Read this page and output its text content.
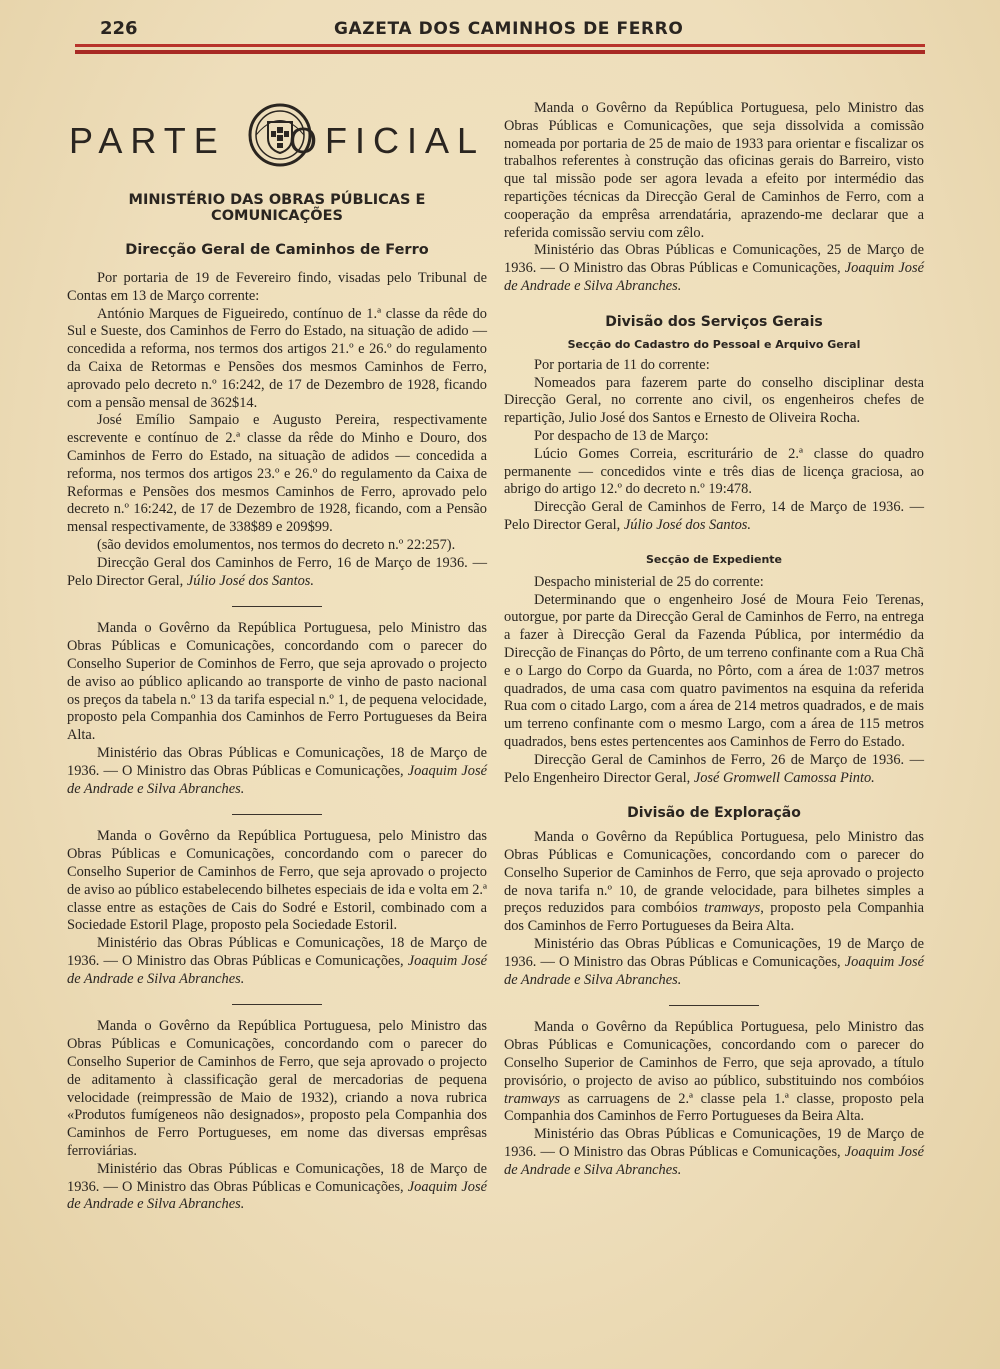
226	GAZETA DOS CAMINHOS DE FERRO
PARTE OFICIAL
MINISTÉRIO DAS OBRAS PÚBLICAS E COMUNICAÇÕES
Direcção Geral de Caminhos de Ferro

Por portaria de 19 de Fevereiro findo, visadas pelo Tribunal de Contas em 13 de Março corrente:

António Marques de Figueiredo, contínuo de 1.ª classe da rêde do Sul e Sueste, dos Caminhos de Ferro do Estado, na situação de adido — concedida a reforma, nos termos dos artigos 21.º e 26.º do regulamento da Caixa de Retormas e Pensões dos mesmos Caminhos de Ferro, aprovado pelo decreto n.º 16:242, de 17 de Dezembro de 1928, ficando com a pensão mensal de 362$14.

José Emílio Sampaio e Augusto Pereira, respectivamente escrevente e contínuo de 2.ª classe da rêde do Minho e Douro, dos Caminhos de Ferro do Estado, na situação de adidos — concedida a reforma, nos termos dos artigos 23.º e 26.º do regulamento da Caixa de Reformas e Pensões dos mesmos Caminhos de Ferro, aprovado pelo decreto n.º 16:242, de 17 de Dezembro de 1928, ficando, com a Pensão mensal respectivamente, de 338$89 e 209$99.

(são devidos emolumentos, nos termos do decreto n.º 22:257).

Direcção Geral dos Caminhos de Ferro, 16 de Março de 1936. — Pelo Director Geral, Júlio José dos Santos.

Manda o Govêrno da República Portuguesa, pelo Ministro das Obras Públicas e Comunicações, concordando com o parecer do Conselho Superior de Cominhos de Ferro, que seja aprovado o projecto de aviso ao público aplicando ao transporte de vinho de pasto nacional os preços da tabela n.º 13 da tarifa especial n.º 1, de pequena velocidade, proposto pela Companhia dos Caminhos de Ferro Portugueses da Beira Alta.

Ministério das Obras Públicas e Comunicações, 18 de Março de 1936. — O Ministro das Obras Públicas e Comunicações, Joaquim José de Andrade e Silva Abranches.

Manda o Govêrno da República Portuguesa, pelo Ministro das Obras Públicas e Comunicações, concordando com o parecer do Conselho Superior de Caminhos de Ferro, que seja aprovado o projecto de aviso ao público estabelecendo bilhetes especiais de ida e volta em 2.ª classe entre as estações de Cais do Sodré e Estoril, combinado com a Sociedade Estoril Plage, proposto pela Sociedade Estoril.

Ministério das Obras Públicas e Comunicações, 18 de Março de 1936. — O Ministro das Obras Públicas e Comunicações, Joaquim José de Andrade e Silva Abranches.

Manda o Govêrno da República Portuguesa, pelo Ministro das Obras Públicas e Comunicações, concordando com o parecer do Conselho Superior de Caminhos de Ferro, que seja aprovado o projecto de aditamento à classificação geral de mercadorias de pequena velocidade (reimpressão de Maio de 1932), criando a nova rubrica «Produtos fumígeneos não designados», proposto pela Companhia dos Caminhos de Ferro Portugueses, em nome das diversas emprêsas ferroviárias.

Ministério das Obras Públicas e Comunicações, 18 de Março de 1936. — O Ministro das Obras Públicas e Comunicações, Joaquim José de Andrade e Silva Abranches.

Manda o Govêrno da República Portuguesa, pelo Ministro das Obras Públicas e Comunicações, que seja dissolvida a comissão nomeada por portaria de 25 de maio de 1933 para orientar e fiscalizar os trabalhos referentes à construção das oficinas gerais do Barreiro, visto que tal missão pode ser agora levada a efeito por intermédio das repartições técnicas da Direcção Geral de Caminhos de Ferro, com a cooperação da emprêsa arrendatária, aprazendo-me declarar que a referida comissão serviu com zêlo.

Ministério das Obras Públicas e Comunicações, 25 de Março de 1936. — O Ministro das Obras Públicas e Comunicações, Joaquim José de Andrade e Silva Abranches.

Divisão dos Serviços Gerais
Secção do Cadastro do Pessoal e Arquivo Geral

Por portaria de 11 do corrente:

Nomeados para fazerem parte do conselho disciplinar desta Direcção Geral, no corrente ano civil, os engenheiros chefes de repartição, Julio José dos Santos e Ernesto de Oliveira Rocha.

Por despacho de 13 de Março:

Lúcio Gomes Correia, escriturário de 2.ª classe do quadro permanente — concedidos vinte e três dias de licença graciosa, ao abrigo do artigo 12.º do decreto n.º 19:478.

Direcção Geral de Caminhos de Ferro, 14 de Março de 1936. — Pelo Director Geral, Júlio José dos Santos.

Secção de Expediente

Despacho ministerial de 25 do corrente:

Determinando que o engenheiro José de Moura Feio Terenas, outorgue, por parte da Direcção Geral de Caminhos de Ferro, na entrega a fazer à Direcção Geral da Fazenda Pública, por intermédio da Direcção de Finanças do Pôrto, de um terreno confinante com a Rua Chã e o Largo do Corpo da Guarda, no Pôrto, com a área de 1:037 metros quadrados, de uma casa com quatro pavimentos na esquina da referida Rua com o citado Largo, com a área de 214 metros quadrados, e de mais um terreno confinante com o mesmo Largo, com a área de 115 metros quadrados, bens estes pertencentes aos Caminhos de Ferro do Estado.

Direcção Geral de Caminhos de Ferro, 26 de Março de 1936. — Pelo Engenheiro Director Geral, José Gromwell Camossa Pinto.

Divisão de Exploração

Manda o Govêrno da República Portuguesa, pelo Ministro das Obras Públicas e Comunicações, concordando com o parecer do Conselho Superior de Caminhos de Ferro, que seja aprovado o projecto de nova tarifa n.º 10, de grande velocidade, para bilhetes simples a preços reduzidos para combóios tramways, proposto pela Companhia dos Caminhos de Ferro Portugueses da Beira Alta.

Ministério das Obras Públicas e Comunicações, 19 de Março de 1936. — O Ministro das Obras Públicas e Comunicações, Joaquim José de Andrade e Silva Abranches.

Manda o Govêrno da República Portuguesa, pelo Ministro das Obras Públicas e Comunicações, concordando com o parecer do Conselho Superior de Caminhos de Ferro, que seja aprovado, a título provisório, o projecto de aviso ao público, substituindo nos combóios tramways as carruagens de 2.ª classe pela 1.ª classe, proposto pela Companhia dos Caminhos de Ferro Portugueses da Beira Alta.

Ministério das Obras Públicas e Comunicações, 19 de Março de 1936. — O Ministro das Obras Públicas e Comunicações, Joaquim José de Andrade e Silva Abranches.
